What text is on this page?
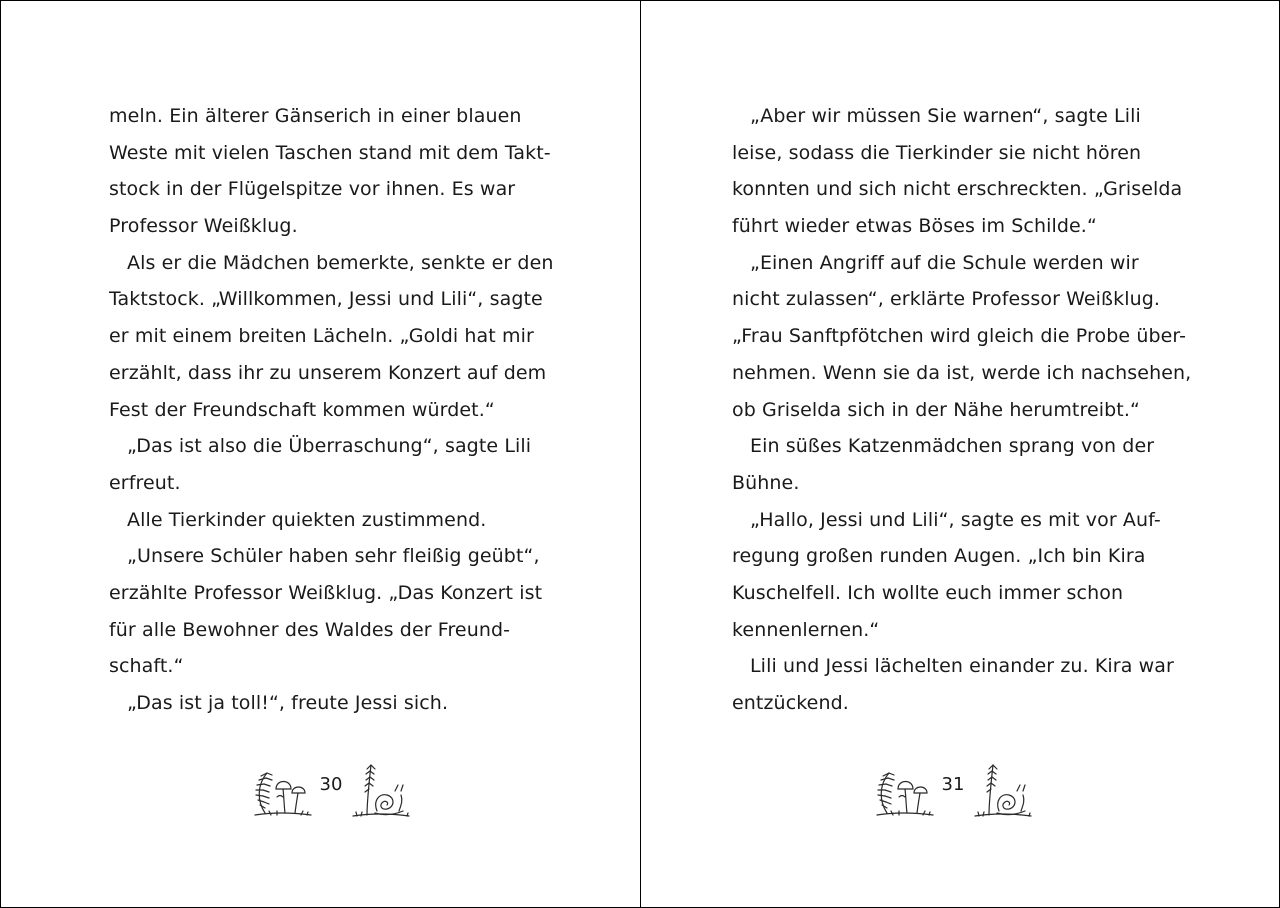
meln. Ein älterer Gänserich in einer blauen
Weste mit vielen Taschen stand mit dem Takt-
stock in der Flügelspitze vor ihnen. Es war
Professor Weißklug.
Als er die Mädchen bemerkte, senkte er den
Taktstock. „Willkommen, Jessi und Lili“, sagte
er mit einem breiten Lächeln. „Goldi hat mir
erzählt, dass ihr zu unserem Konzert auf dem
Fest der Freundschaft kommen würdet.“
„Das ist also die Überraschung“, sagte Lili
erfreut.
Alle Tierkinder quiekten zustimmend.
„Unsere Schüler haben sehr fleißig geübt“,
erzählte Professor Weißklug. „Das Konzert ist
für alle Bewohner des Waldes der Freund-
schaft.“
„Das ist ja toll!“, freute Jessi sich.
30
„Aber wir müssen Sie warnen“, sagte Lili
leise, sodass die Tierkinder sie nicht hören
konnten und sich nicht erschreckten. „Griselda
führt wieder etwas Böses im Schilde.“
„Einen Angriff auf die Schule werden wir
nicht zulassen“, erklärte Professor Weißklug.
„Frau Sanftpfötchen wird gleich die Probe über-
nehmen. Wenn sie da ist, werde ich nachsehen,
ob Griselda sich in der Nähe herumtreibt.“
Ein süßes Katzenmädchen sprang von der
Bühne.
„Hallo, Jessi und Lili“, sagte es mit vor Auf-
regung großen runden Augen. „Ich bin Kira
Kuschelfell. Ich wollte euch immer schon
kennenlernen.“
Lili und Jessi lächelten einander zu. Kira war
entzückend.
31
